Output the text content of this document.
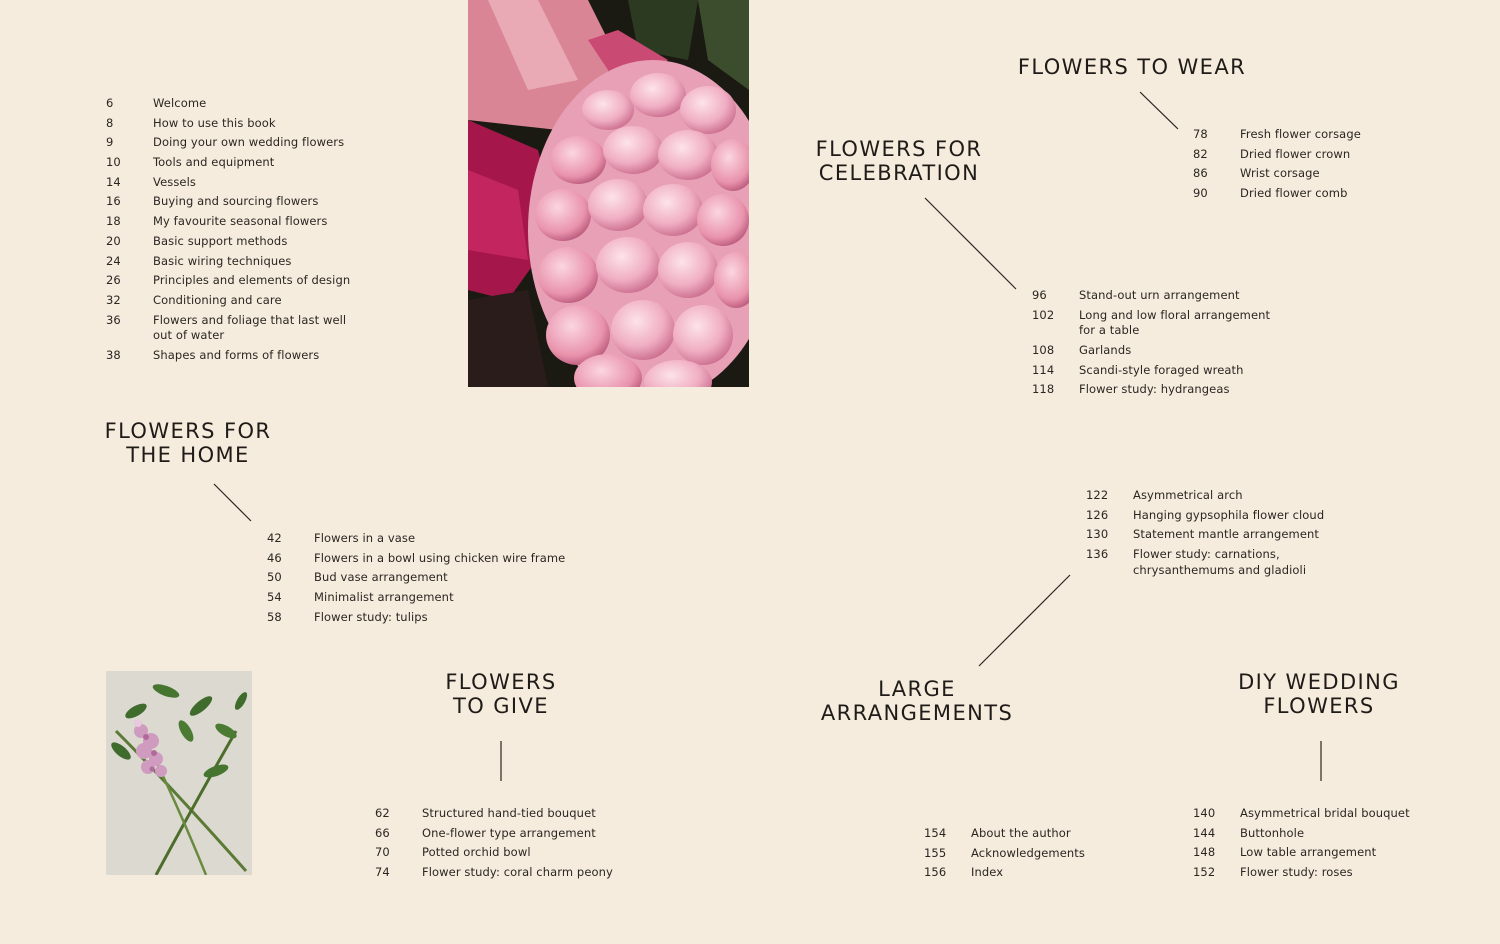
6	Welcome
8	How to use this book
9	Doing your own wedding flowers
10	Tools and equipment
14	Vessels
16	Buying and sourcing flowers
18	My favourite seasonal flowers
20	Basic support methods
24	Basic wiring techniques
26	Principles and elements of design
32	Conditioning and care
36	Flowers and foliage that last well
out of water
38	Shapes and forms of flowers
FLOWERS FOR
THE HOME
42	Flowers in a vase
46	Flowers in a bowl using chicken wire frame
50	Bud vase arrangement
54	Minimalist arrangement
58	Flower study: tulips
FLOWERS
TO GIVE
62	Structured hand-tied bouquet
66	One-flower type arrangement
70	Potted orchid bowl
74	Flower study: coral charm peony
FLOWERS TO WEAR
78	Fresh flower corsage
82	Dried flower crown
86	Wrist corsage
90	Dried flower comb
FLOWERS FOR
CELEBRATION
96	Stand-out urn arrangement
102	Long and low floral arrangement
for a table
108	Garlands
114	Scandi-style foraged wreath
118	Flower study: hydrangeas
LARGE
ARRANGEMENTS
122	Asymmetrical arch
126	Hanging gypsophila flower cloud
130	Statement mantle arrangement
136	Flower study: carnations,
chrysanthemums and gladioli
DIY WEDDING
FLOWERS
140	Asymmetrical bridal bouquet
144	Buttonhole
148	Low table arrangement
152	Flower study: roses
154	About the author
155	Acknowledgements
156	Index
